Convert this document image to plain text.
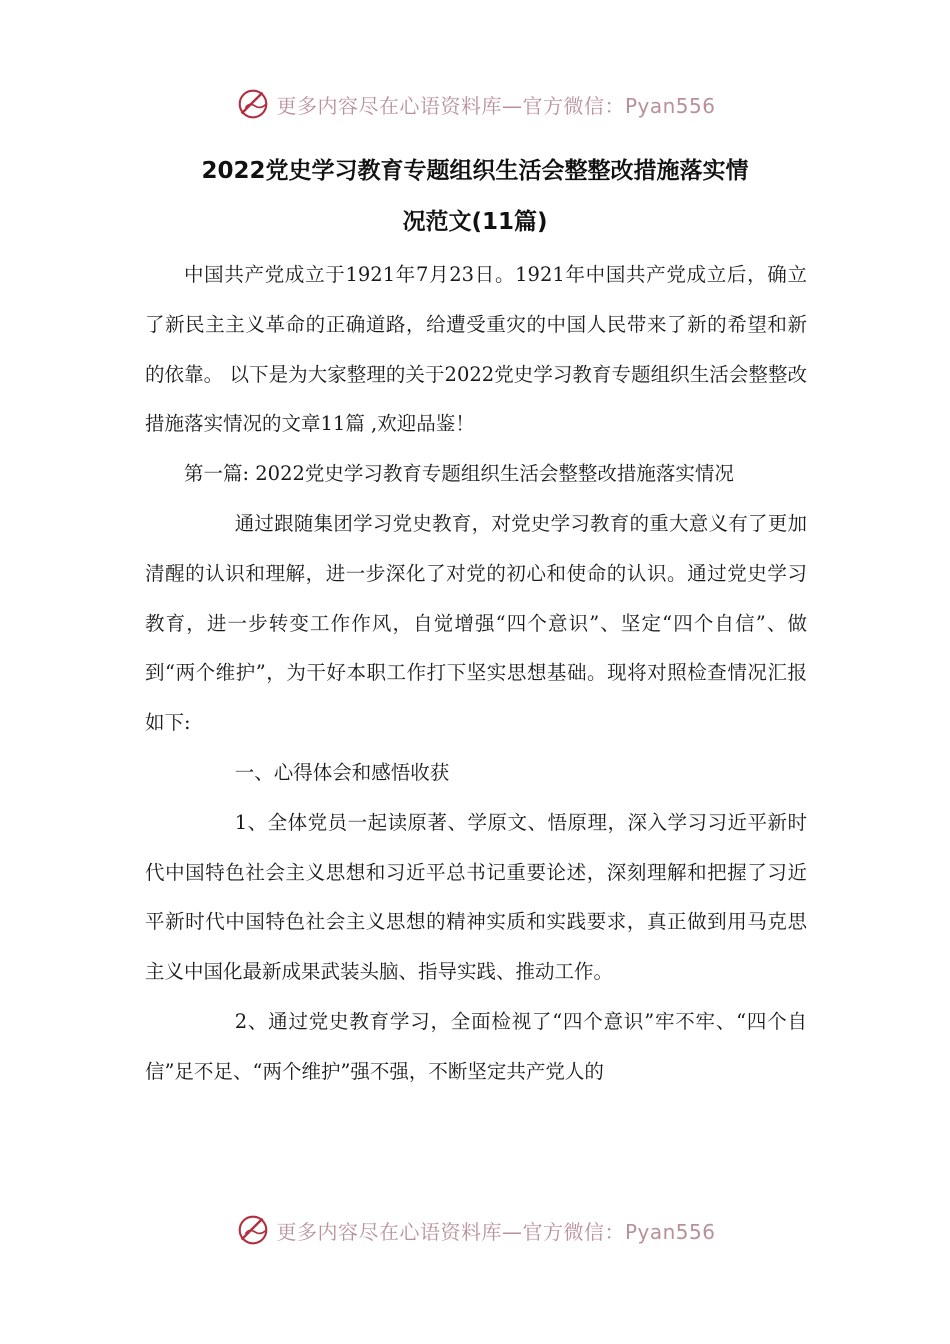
更多内容尽在心语资料库—官方微信：Pyan556
2022党史学习教育专题组织生活会整整改措施落实情
况范文(11篇)

中国共产党成立于1921年7月23日。1921年中国共产党成立后，确立了新民主主义革命的正确道路，给遭受重灾的中国人民带来了新的希望和新的依靠。 以下是为大家整理的关于2022党史学习教育专题组织生活会整整改措施落实情况的文章11篇 ,欢迎品鉴！

第一篇: 2022党史学习教育专题组织生活会整整改措施落实情况

通过跟随集团学习党史教育，对党史学习教育的重大意义有了更加清醒的认识和理解，进一步深化了对党的初心和使命的认识。通过党史学习教育，进一步转变工作作风，自觉增强“四个意识”、坚定“四个自信”、做到“两个维护”，为干好本职工作打下坚实思想基础。现将对照检查情况汇报如下:

一、心得体会和感悟收获

1、全体党员一起读原著、学原文、悟原理，深入学习习近平新时代中国特色社会主义思想和习近平总书记重要论述，深刻理解和把握了习近平新时代中国特色社会主义思想的精神实质和实践要求，真正做到用马克思主义中国化最新成果武装头脑、指导实践、推动工作。

2、通过党史教育学习，全面检视了“四个意识”牢不牢、“四个自信”足不足、“两个维护”强不强，不断坚定共产党人的

更多内容尽在心语资料库—官方微信：Pyan556
